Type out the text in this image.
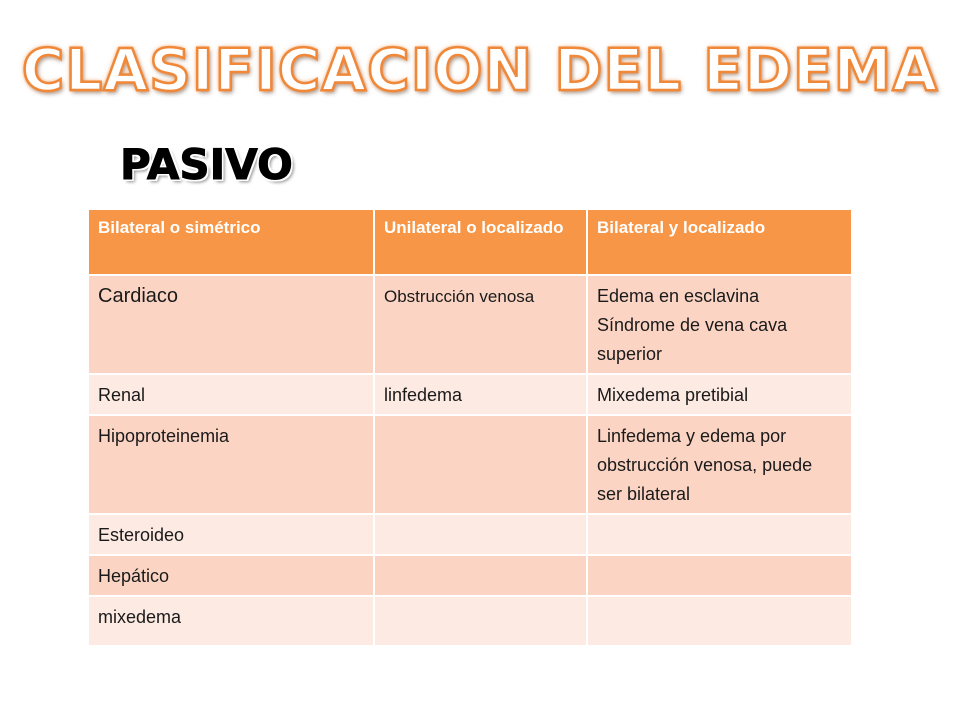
CLASIFICACION DEL EDEMA
PASIVO
Bilateral o simétrico	Unilateral o localizado	Bilateral y localizado
Cardiaco	Obstrucción venosa	Edema en esclavina Síndrome de vena cava superior
Renal	linfedema	Mixedema pretibial
Hipoproteinemia		Linfedema y edema por obstrucción venosa, puede ser bilateral
Esteroideo		
Hepático		
mixedema		
